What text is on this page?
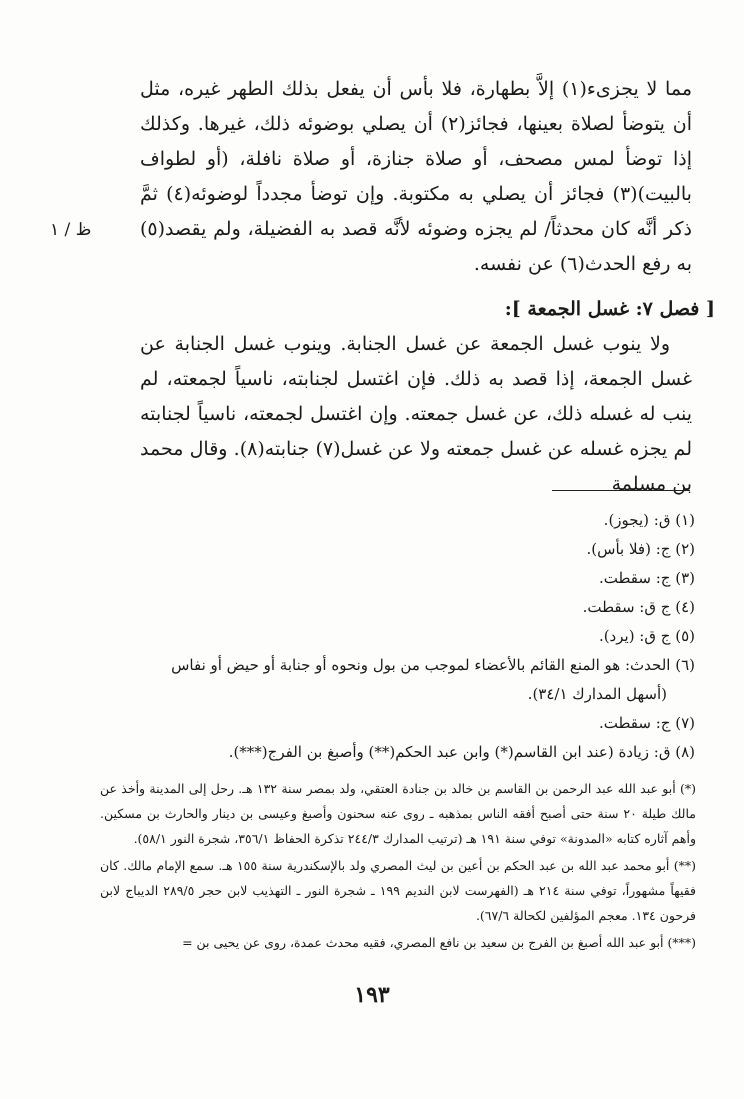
ظ / ١

مما لا يجزىء(١) إلاَّ بطهارة، فلا بأس أن يفعل بذلك الطهر غيره، مثل أن يتوضأ لصلاة بعينها، فجائز(٢) أن يصلي بوضوئه ذلك، غيرها. وكذلك إذا توضأ لمس مصحف، أو صلاة جنازة، أو صلاة نافلة، (أو لطواف بالبيت)(٣) فجائز أن يصلي به مكتوبة. وإن توضأ مجدداً لوضوئه(٤) ثمَّ ذكر أنَّه كان محدثاً/ لم يجزه وضوئه لأنَّه قصد به الفضيلة، ولم يقصد(٥) به رفع الحدث(٦) عن نفسه.

[ فصل ٧: غسل الجمعة ]:

ولا ينوب غسل الجمعة عن غسل الجنابة. وينوب غسل الجنابة عن غسل الجمعة، إذا قصد به ذلك. فإن اغتسل لجنابته، ناسياً لجمعته، لم ينب له غسله ذلك، عن غسل جمعته. وإن اغتسل لجمعته، ناسياً لجنابته لم يجزه غسله عن غسل جمعته ولا عن غسل(٧) جنابته(٨). وقال محمد بن مسلمة

(١) ق: (يجوز).
(٢) ج: (فلا بأس).
(٣) ج: سقطت.
(٤) ج ق: سقطت.
(٥) ج ق: (يرد).
(٦) الحدث: هو المنع القائم بالأعضاء لموجب من بول ونحوه أو جنابة أو حيض أو نفاس
(أسهل المدارك ٣٤/١).
(٧) ج: سقطت.
(٨) ق: زيادة (عند ابن القاسم(*) وابن عبد الحكم(**) وأصبغ بن الفرج(***).

(*) أبو عبد الله عبد الرحمن بن القاسم بن خالد بن جنادة العتقي، ولد بمصر سنة ١٣٢ هـ. رحل إلى المدينة وأخذ عن مالك طيلة ٢٠ سنة حتى أصبح أفقه الناس بمذهبه ـ روى عنه سحنون وأصبغ وعيسى بن دينار والحارث بن مسكين. وأهم آثاره كتابه «المدونة» توفي سنة ١٩١ هـ (ترتيب المدارك ٢٤٤/٣ تذكرة الحفاظ ٣٥٦/١، شجرة النور ٥٨/١).

(**) أبو محمد عبد الله بن عبد الحكم بن أعين بن ليث المصري ولد بالإسكندرية سنة ١٥٥ هـ. سمع الإمام مالك. كان فقيهاً مشهوراً، توفي سنة ٢١٤ هـ (الفهرست لابن النديم ١٩٩ ـ شجرة النور ـ التهذيب لابن حجر ٢٨٩/٥ الديباج لابن فرحون ١٣٤. معجم المؤلفين لكحالة ٦٧/٦).

(***) أبو عبد الله أصبغ بن الفرج بن سعيد بن نافع المصري، فقيه محدث عمدة، روى عن يحيى بن =

١٩٣
